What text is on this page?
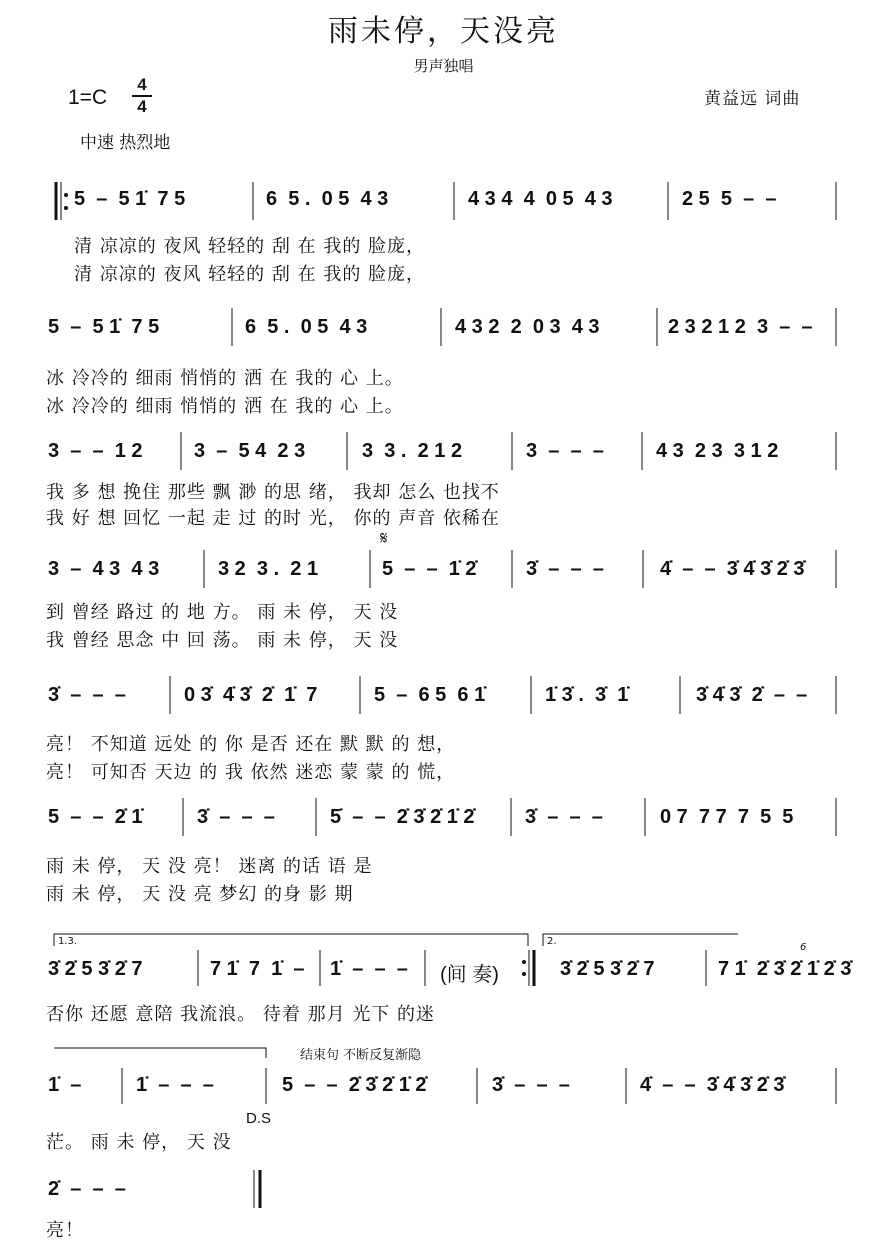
雨未停，天没亮
男声独唱
1=C
4
4	黄益远 词曲
中速 热烈地
5  –  5 1̇  7 5	6  5 .  0 5  4 3	4 3 4  4  0 5  4 3	2 5  5  –  –
清 凉凉的 夜风 轻轻的 刮 在 我的 脸庞，
清 凉凉的 夜风 轻轻的 刮 在 我的 脸庞，
5  –  5 1̇  7 5	6  5 .  0 5  4 3	4 3 2  2  0 3  4 3	2 3 2 1 2  3  –  –
冰 冷冷的 细雨 悄悄的 洒 在 我的 心 上。
冰 冷冷的 细雨 悄悄的 洒 在 我的 心 上。
3  –  –  1 2	3  –  5 4  2 3	3  3 .  2 1 2	3  –  –  –	4 3  2 3  3 1 2
我 多 想 挽住 那些 飘 渺 的思 绪， 我却 怎么 也找不
我 好 想 回忆 一起 走 过 的时 光， 你的 声音 依稀在
𝄋
3  –  4 3  4 3	3 2  3 .  2 1	5  –  –  1̇ 2̇ 3̇  –  –  –	4̇  –  –  3̇ 4̇ 3̇ 2̇ 3̇
到 曾经 路过 的 地 方。 雨 未 停， 天 没
我 曾经 思念 中 回 荡。 雨 未 停， 天 没
3̇  –  –  –	0 3̇  4̇ 3̇  2̇  1̇  7	5  –  6 5  6 1̇	1̇ 3̇ .  3̇  1̇	3̇ 4̇ 3̇  2̇  –  –
亮！ 不知道 远处 的 你 是否 还在 默 默 的 想，
亮！ 可知否 天边 的 我 依然 迷恋 蒙 蒙 的 慌，
5  –  –  2̇ 1̇	3̇  –  –  –	5̇  –  –  2̇ 3̇ 2̇ 1̇ 2̇	3̇  –  –  –	0 7  7 7  7  5  5
雨 未 停， 天 没 亮！ 迷离 的话 语 是
雨 未 停， 天 没 亮 梦幻 的身 影 期
1.3.	2.
6
3̇ 2̇ 5 3̇ 2̇ 7	7 1̇  7  1̇  – 1̇  –  –  – (间 奏)	3̇ 2̇ 5 3̇ 2̇ 7	7 1̇  2̇ 3̇ 2̇ 1̇ 2̇ 3̇
否你 还愿 意陪 我流浪。 待着 那月 光下 的迷
结束句 不断反复渐隐
1̇  –	1̇  –  –  –	5  –  –  2̇ 3̇ 2̇ 1̇ 2̇	3̇  –  –  –	4̇  –  –  3̇ 4̇ 3̇ 2̇ 3̇
D.S
茫。 雨 未 停， 天 没
2̇  –  –  –
亮！
